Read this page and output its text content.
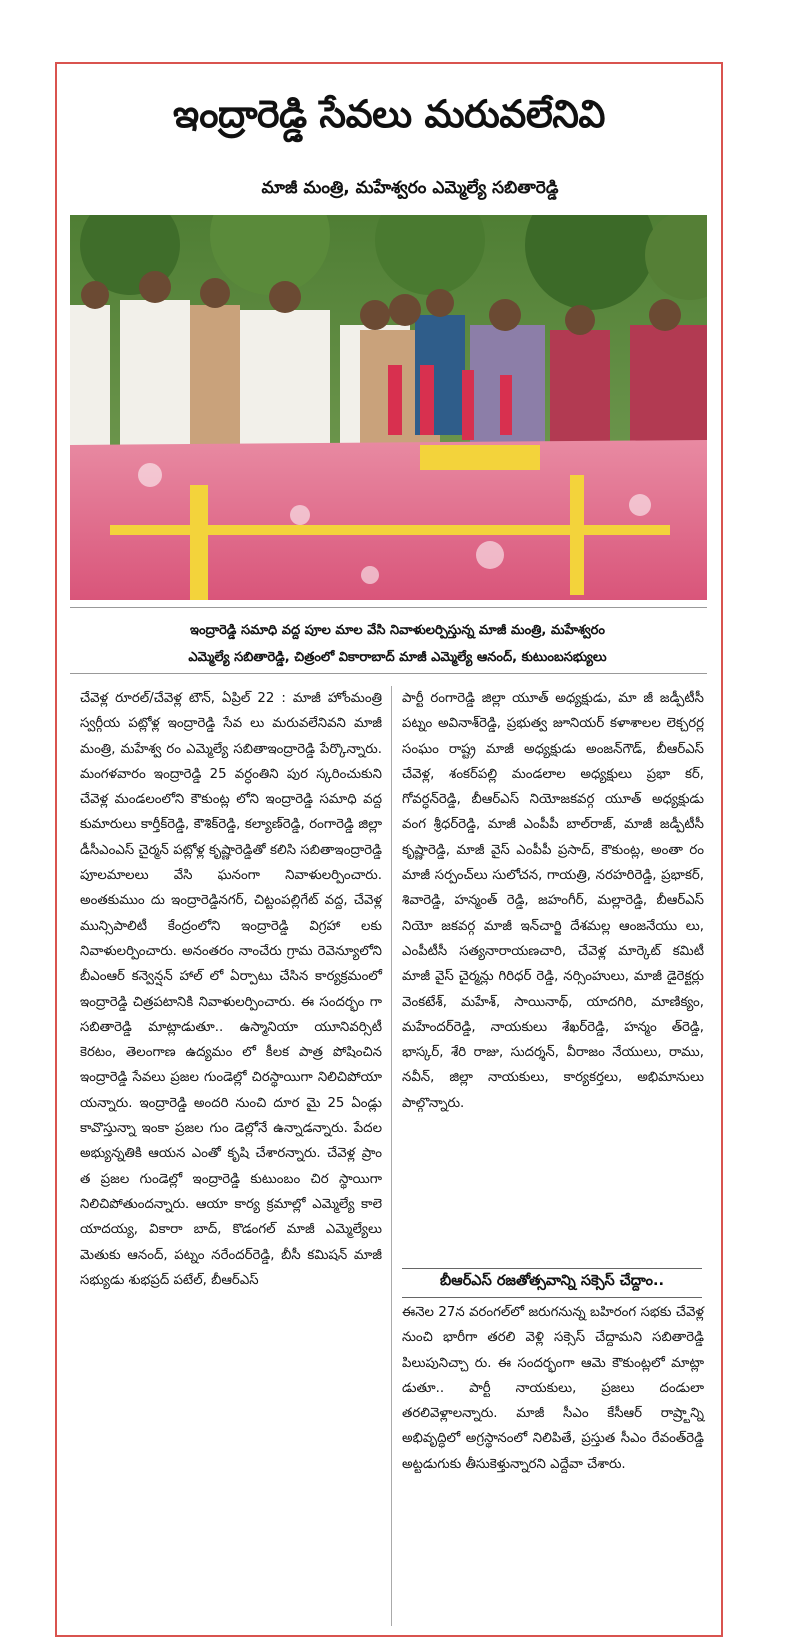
ఇంద్రారెడ్డి సేవలు మరువలేనివి
మాజీ మంత్రి, మహేశ్వరం ఎమ్మెల్యే సబితారెడ్డి
ఇంద్రారెడ్డి సమాధి వద్ద పూల మాల వేసి నివాళులర్పిస్తున్న మాజీ మంత్రి, మహేశ్వరం
ఎమ్మెల్యే సబితారెడ్డి, చిత్రంలో వికారాబాద్ మాజీ ఎమ్మెల్యే ఆనంద్, కుటుంబసభ్యులు

చేవెళ్ల రూరల్/చేవెళ్ల టౌన్, ఏప్రిల్ 22 : మాజీ హోంమంత్రి స్వర్గీయ పట్లోళ్ల ఇంద్రారెడ్డి సేవ లు మరువలేనివని మాజీ మంత్రి, మహేశ్వ రం ఎమ్మెల్యే సబితాఇంద్రారెడ్డి పేర్కొన్నారు. మంగళవారం ఇంద్రారెడ్డి 25 వర్ధంతిని పుర స్కరించుకుని చేవెళ్ల మండలంలోని కౌకుంట్ల లోని ఇంద్రారెడ్డి సమాధి వద్ద కుమారులు కార్తీక్‌రెడ్డి, కౌశిక్‌రెడ్డి, కల్యాణ్‌రెడ్డి, రంగారెడ్డి జిల్లా డీసీఎంఎస్ చైర్మన్ పట్లోళ్ల కృష్ణారెడ్డితో కలిసి సబితాఇంద్రారెడ్డి పూలమాలలు వేసి ఘనంగా నివాళులర్పించారు. అంతకుముం దు ఇంద్రారెడ్డినగర్, చిట్టంపల్లిగేట్ వద్ద, చేవెళ్ల మున్సిపాలిటీ కేంద్రంలోని ఇంద్రారెడ్డి విగ్రహా లకు నివాళులర్పించారు. అనంతరం నాంచేరు గ్రామ రెవెన్యూలోని బీఎంఆర్ కన్వెన్షన్ హాల్ లో ఏర్పాటు చేసిన కార్యక్రమంలో ఇంద్రారెడ్డి చిత్రపటానికి నివాళులర్పించారు. ఈ సందర్భం గా సబితారెడ్డి మాట్లాడుతూ.. ఉస్మానియా యూనివర్సిటీ కెరటం, తెలంగాణ ఉద్యమం లో కీలక పాత్ర పోషించిన ఇంద్రారెడ్డి సేవలు ప్రజల గుండెల్లో చిరస్థాయిగా నిలిచిపోయా యన్నారు. ఇంద్రారెడ్డి అందరి నుంచి దూర మై 25 ఏండ్లు కావొస్తున్నా ఇంకా ప్రజల గుం డెల్లోనే ఉన్నాడన్నారు. పేదల అభ్యున్నతికి ఆయన ఎంతో కృషి చేశారన్నారు. చేవెళ్ల ప్రాం త ప్రజల గుండెల్లో ఇంద్రారెడ్డి కుటుంబం చిర స్థాయిగా నిలిచిపోతుందన్నారు. ఆయా కార్య క్రమాల్లో ఎమ్మెల్యే కాలె యాదయ్య, వికారా బాద్, కొడంగల్ మాజీ ఎమ్మెల్యేలు మెతుకు ఆనంద్, పట్నం నరేందర్‌రెడ్డి, బీసీ కమిషన్ మాజీ సభ్యుడు శుభప్రద్ పటేల్, బీఆర్ఎస్

పార్టీ రంగారెడ్డి జిల్లా యూత్ అధ్యక్షుడు, మా జీ జడ్పీటీసీ పట్నం అవినాశ్‌రెడ్డి, ప్రభుత్వ జూనియర్ కళాశాలల లెక్చరర్ల సంఘం రాష్ట్ర మాజీ అధ్యక్షుడు అంజన్‌గౌడ్, బీఆర్ఎస్ చేవెళ్ల, శంకర్‌పల్లి మండలాల అధ్యక్షులు ప్రభా కర్, గోవర్ధన్‌రెడ్డి, బీఆర్ఎస్ నియోజకవర్గ యూత్ అధ్యక్షుడు వంగ శ్రీధర్‌రెడ్డి, మాజీ ఎంపీపీ బాల్‌రాజ్, మాజీ జడ్పీటీసీ కృష్ణారెడ్డి, మాజీ వైస్ ఎంపీపీ ప్రసాద్, కౌకుంట్ల, అంతా రం మాజీ సర్పంచ్‌లు సులోచన, గాయత్రి, నరహరిరెడ్డి, ప్రభాకర్, శివారెడ్డి, హన్మంత్ రెడ్డి, జహంగీర్, మల్లారెడ్డి, బీఆర్ఎస్ నియో జకవర్గ మాజీ ఇన్‌చార్జి దేశమల్ల ఆంజనేయు లు, ఎంపీటీసీ సత్యనారాయణచారి, చేవెళ్ల మార్కెట్ కమిటీ మాజీ వైస్ చైర్మన్లు గిరిధర్ రెడ్డి, నర్సింహులు, మాజీ డైరెక్టర్లు వెంకటేశ్, మహేశ్, సాయినాథ్, యాదగిరి, మాణిక్యం, మహేందర్‌రెడ్డి, నాయకులు శేఖర్‌రెడ్డి, హన్మం త్‌రెడ్డి, భాస్కర్, శేరి రాజు, సుదర్శన్, వీరాజం నేయులు, రాము, నవీన్, జిల్లా నాయకులు, కార్యకర్తలు, అభిమానులు పాల్గొన్నారు.

బీఆర్ఎస్ రజతోత్సవాన్ని సక్సెస్ చేద్దాం..

ఈనెల 27న వరంగల్‌లో జరుగనున్న బహిరంగ సభకు చేవెళ్ల నుంచి భారీగా తరలి వెళ్లి సక్సెస్ చేద్దామని సబితారెడ్డి పిలుపునిచ్చా రు. ఈ సందర్భంగా ఆమె కౌకుంట్లలో మాట్లా డుతూ.. పార్టీ నాయకులు, ప్రజలు దండులా తరలివెళ్లాలన్నారు. మాజీ సీఎం కేసీఆర్ రాష్ర్టాన్ని అభివృద్ధిలో అగ్రస్థానంలో నిలిపితే, ప్రస్తుత సీఎం రేవంత్‌రెడ్డి అట్టడుగుకు తీసుకెళ్తున్నారని ఎద్దేవా చేశారు.
